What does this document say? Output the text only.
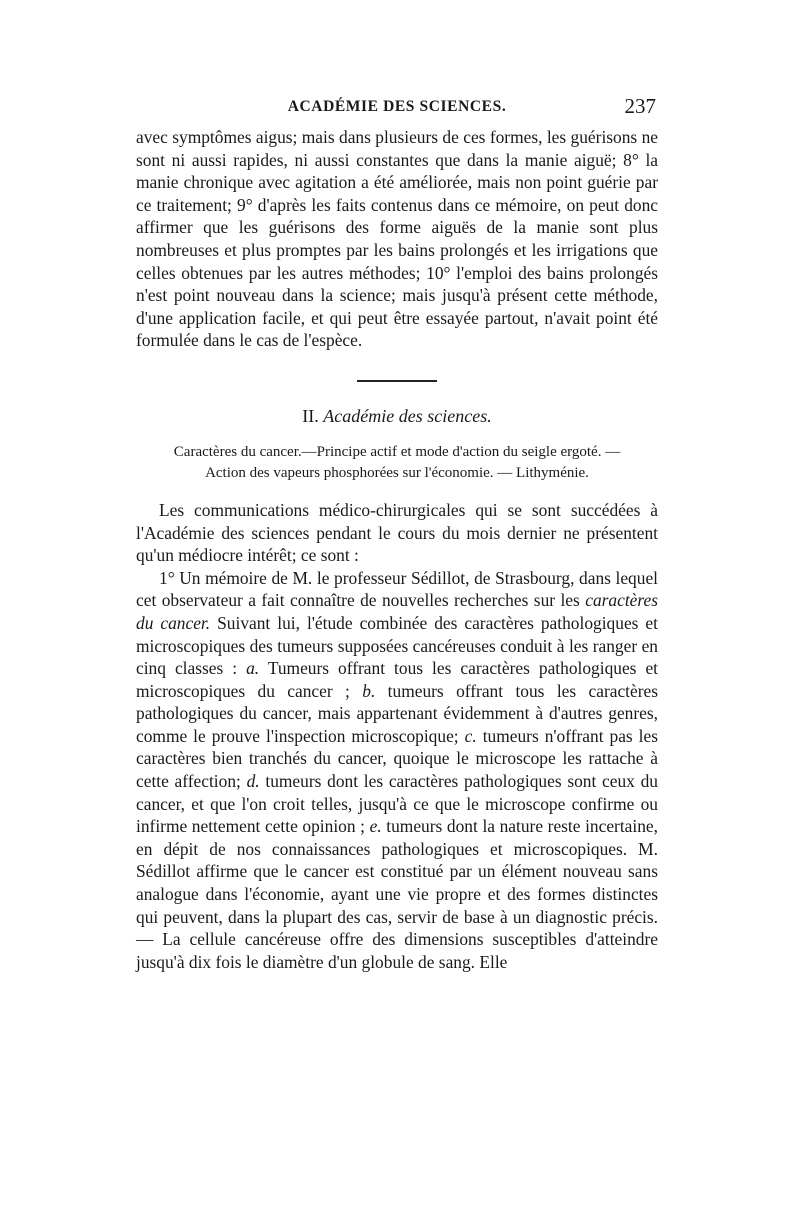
ACADÉMIE DES SCIENCES.	237

avec symptômes aigus; mais dans plusieurs de ces formes, les guérisons ne sont ni aussi rapides, ni aussi constantes que dans la manie aiguë; 8° la manie chronique avec agitation a été améliorée, mais non point guérie par ce traitement; 9° d'après les faits contenus dans ce mémoire, on peut donc affirmer que les guérisons des forme aiguës de la manie sont plus nombreuses et plus promptes par les bains prolongés et les irrigations que celles obtenues par les autres méthodes; 10° l'emploi des bains prolongés n'est point nouveau dans la science; mais jusqu'à présent cette méthode, d'une application facile, et qui peut être essayée partout, n'avait point été formulée dans le cas de l'espèce.

II. Académie des sciences.
Caractères du cancer.—Principe actif et mode d'action du seigle ergoté. —
Action des vapeurs phosphorées sur l'économie. — Lithyménie.

Les communications médico-chirurgicales qui se sont succédées à l'Académie des sciences pendant le cours du mois dernier ne présentent qu'un médiocre intérêt; ce sont :

1° Un mémoire de M. le professeur Sédillot, de Strasbourg, dans lequel cet observateur a fait connaître de nouvelles recherches sur les caractères du cancer. Suivant lui, l'étude combinée des caractères pathologiques et microscopiques des tumeurs supposées cancéreuses conduit à les ranger en cinq classes : a. Tumeurs offrant tous les caractères pathologiques et microscopiques du cancer ; b. tumeurs offrant tous les caractères pathologiques du cancer, mais appartenant évidemment à d'autres genres, comme le prouve l'inspection microscopique; c. tumeurs n'offrant pas les caractères bien tranchés du cancer, quoique le microscope les rattache à cette affection; d. tumeurs dont les caractères pathologiques sont ceux du cancer, et que l'on croit telles, jusqu'à ce que le microscope confirme ou infirme nettement cette opinion ; e. tumeurs dont la nature reste incertaine, en dépit de nos connaissances pathologiques et microscopiques. M. Sédillot affirme que le cancer est constitué par un élément nouveau sans analogue dans l'économie, ayant une vie propre et des formes distinctes qui peuvent, dans la plupart des cas, servir de base à un diagnostic précis. — La cellule cancéreuse offre des dimensions susceptibles d'atteindre jusqu'à dix fois le diamètre d'un globule de sang. Elle
